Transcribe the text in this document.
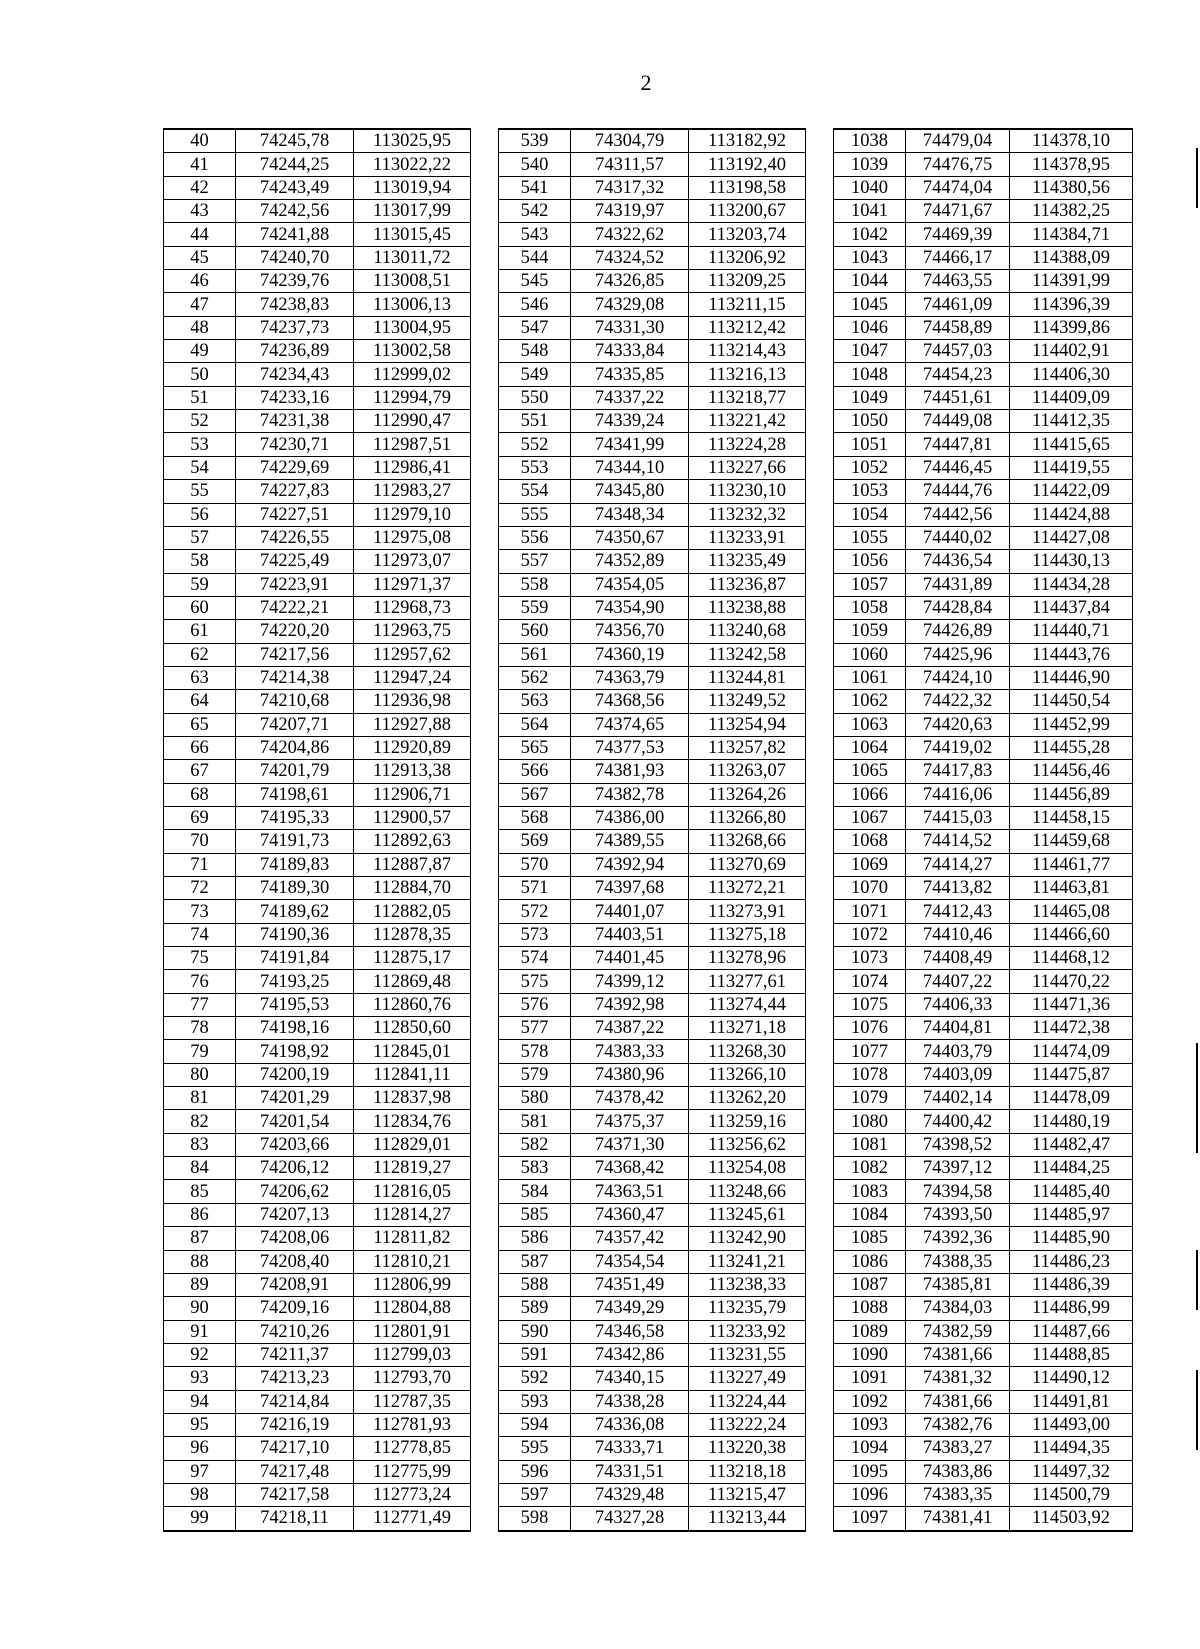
2
40	74245,78	113025,95		539	74304,79	113182,92		1038	74479,04	114378,10
41	74244,25	113022,22		540	74311,57	113192,40		1039	74476,75	114378,95
42	74243,49	113019,94		541	74317,32	113198,58		1040	74474,04	114380,56
43	74242,56	113017,99		542	74319,97	113200,67		1041	74471,67	114382,25
44	74241,88	113015,45		543	74322,62	113203,74		1042	74469,39	114384,71
45	74240,70	113011,72		544	74324,52	113206,92		1043	74466,17	114388,09
46	74239,76	113008,51		545	74326,85	113209,25		1044	74463,55	114391,99
47	74238,83	113006,13		546	74329,08	113211,15		1045	74461,09	114396,39
48	74237,73	113004,95		547	74331,30	113212,42		1046	74458,89	114399,86
49	74236,89	113002,58		548	74333,84	113214,43		1047	74457,03	114402,91
50	74234,43	112999,02		549	74335,85	113216,13		1048	74454,23	114406,30
51	74233,16	112994,79		550	74337,22	113218,77		1049	74451,61	114409,09
52	74231,38	112990,47		551	74339,24	113221,42		1050	74449,08	114412,35
53	74230,71	112987,51		552	74341,99	113224,28		1051	74447,81	114415,65
54	74229,69	112986,41		553	74344,10	113227,66		1052	74446,45	114419,55
55	74227,83	112983,27		554	74345,80	113230,10		1053	74444,76	114422,09
56	74227,51	112979,10		555	74348,34	113232,32		1054	74442,56	114424,88
57	74226,55	112975,08		556	74350,67	113233,91		1055	74440,02	114427,08
58	74225,49	112973,07		557	74352,89	113235,49		1056	74436,54	114430,13
59	74223,91	112971,37		558	74354,05	113236,87		1057	74431,89	114434,28
60	74222,21	112968,73		559	74354,90	113238,88		1058	74428,84	114437,84
61	74220,20	112963,75		560	74356,70	113240,68		1059	74426,89	114440,71
62	74217,56	112957,62		561	74360,19	113242,58		1060	74425,96	114443,76
63	74214,38	112947,24		562	74363,79	113244,81		1061	74424,10	114446,90
64	74210,68	112936,98		563	74368,56	113249,52		1062	74422,32	114450,54
65	74207,71	112927,88		564	74374,65	113254,94		1063	74420,63	114452,99
66	74204,86	112920,89		565	74377,53	113257,82		1064	74419,02	114455,28
67	74201,79	112913,38		566	74381,93	113263,07		1065	74417,83	114456,46
68	74198,61	112906,71		567	74382,78	113264,26		1066	74416,06	114456,89
69	74195,33	112900,57		568	74386,00	113266,80		1067	74415,03	114458,15
70	74191,73	112892,63		569	74389,55	113268,66		1068	74414,52	114459,68
71	74189,83	112887,87		570	74392,94	113270,69		1069	74414,27	114461,77
72	74189,30	112884,70		571	74397,68	113272,21		1070	74413,82	114463,81
73	74189,62	112882,05		572	74401,07	113273,91		1071	74412,43	114465,08
74	74190,36	112878,35		573	74403,51	113275,18		1072	74410,46	114466,60
75	74191,84	112875,17		574	74401,45	113278,96		1073	74408,49	114468,12
76	74193,25	112869,48		575	74399,12	113277,61		1074	74407,22	114470,22
77	74195,53	112860,76		576	74392,98	113274,44		1075	74406,33	114471,36
78	74198,16	112850,60		577	74387,22	113271,18		1076	74404,81	114472,38
79	74198,92	112845,01		578	74383,33	113268,30		1077	74403,79	114474,09
80	74200,19	112841,11		579	74380,96	113266,10		1078	74403,09	114475,87
81	74201,29	112837,98		580	74378,42	113262,20		1079	74402,14	114478,09
82	74201,54	112834,76		581	74375,37	113259,16		1080	74400,42	114480,19
83	74203,66	112829,01		582	74371,30	113256,62		1081	74398,52	114482,47
84	74206,12	112819,27		583	74368,42	113254,08		1082	74397,12	114484,25
85	74206,62	112816,05		584	74363,51	113248,66		1083	74394,58	114485,40
86	74207,13	112814,27		585	74360,47	113245,61		1084	74393,50	114485,97
87	74208,06	112811,82		586	74357,42	113242,90		1085	74392,36	114485,90
88	74208,40	112810,21		587	74354,54	113241,21		1086	74388,35	114486,23
89	74208,91	112806,99		588	74351,49	113238,33		1087	74385,81	114486,39
90	74209,16	112804,88		589	74349,29	113235,79		1088	74384,03	114486,99
91	74210,26	112801,91		590	74346,58	113233,92		1089	74382,59	114487,66
92	74211,37	112799,03		591	74342,86	113231,55		1090	74381,66	114488,85
93	74213,23	112793,70		592	74340,15	113227,49		1091	74381,32	114490,12
94	74214,84	112787,35		593	74338,28	113224,44		1092	74381,66	114491,81
95	74216,19	112781,93		594	74336,08	113222,24		1093	74382,76	114493,00
96	74217,10	112778,85		595	74333,71	113220,38		1094	74383,27	114494,35
97	74217,48	112775,99		596	74331,51	113218,18		1095	74383,86	114497,32
98	74217,58	112773,24		597	74329,48	113215,47		1096	74383,35	114500,79
99	74218,11	112771,49		598	74327,28	113213,44		1097	74381,41	114503,92
